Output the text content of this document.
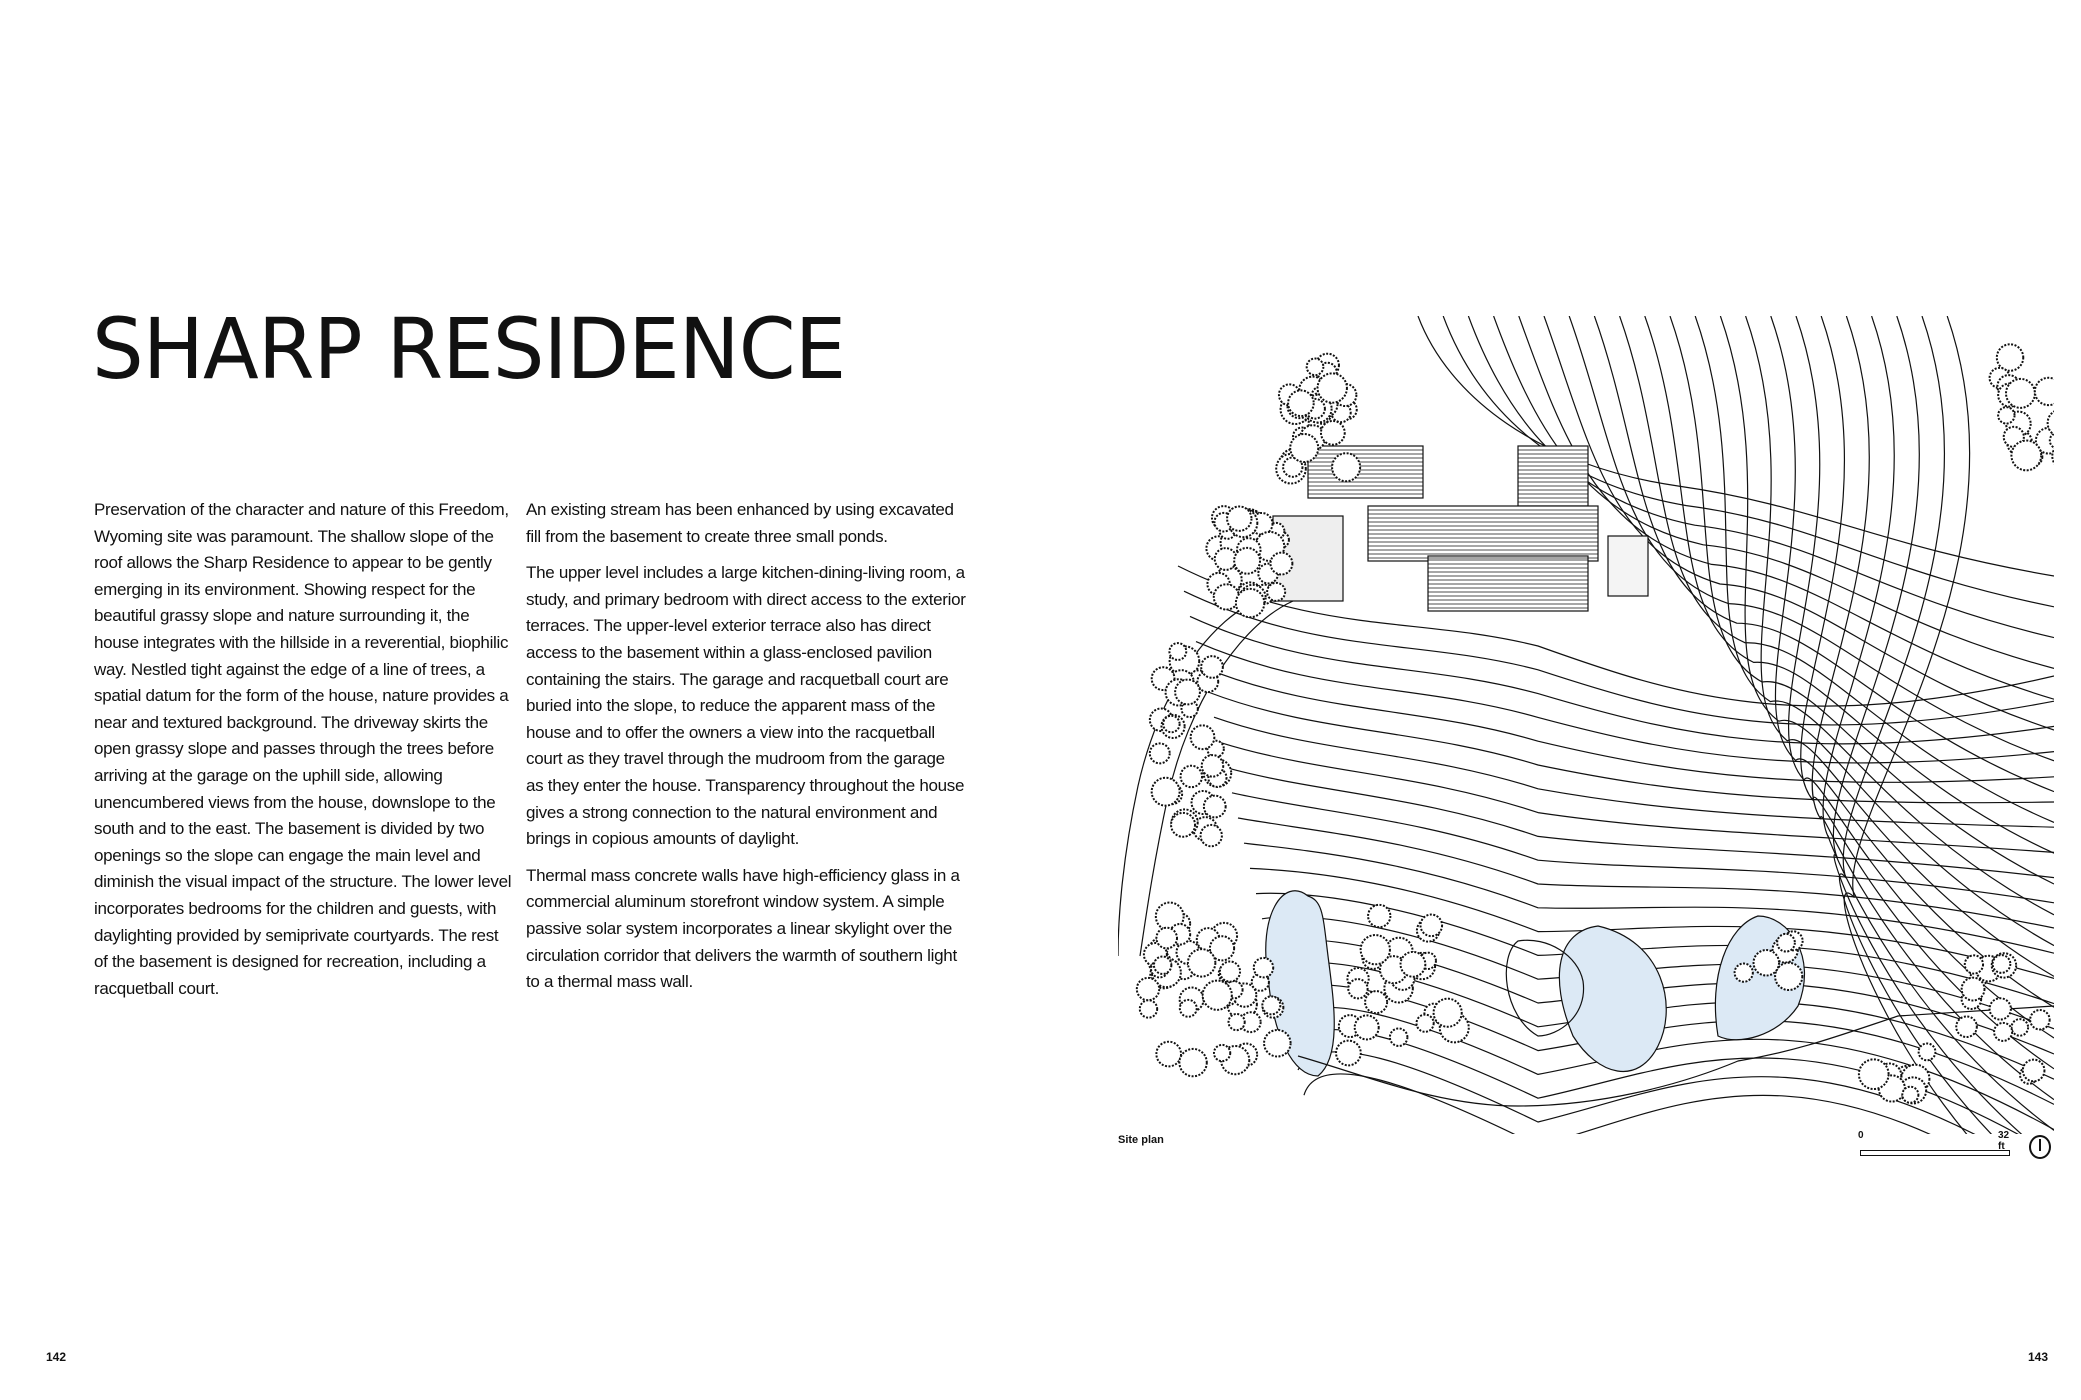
SHARP RESIDENCE

Preservation of the character and nature of this Freedom, Wyoming site was paramount. The shallow slope of the roof allows the Sharp Residence to appear to be gently emerging in its environment. Showing respect for the beautiful grassy slope and nature surrounding it, the house integrates with the hillside in a reverential, biophilic way. Nestled tight against the edge of a line of trees, a spatial datum for the form of the house, nature provides a near and textured background. The driveway skirts the open grassy slope and passes through the trees before arriving at the garage on the uphill side, allowing unencumbered views from the house, downslope to the south and to the east. The basement is divided by two openings so the slope can engage the main level and diminish the visual impact of the structure. The lower level incorporates bedrooms for the children and guests, with daylighting provided by semiprivate courtyards. The rest of the basement is designed for recreation, including a racquetball court.

An existing stream has been enhanced by using excavated fill from the basement to create three small ponds.

The upper level includes a large kitchen-dining-living room, a study, and primary bedroom with direct access to the exterior terraces. The upper-level exterior terrace also has direct access to the basement within a glass-enclosed pavilion containing the stairs. The garage and racquetball court are buried into the slope, to reduce the apparent mass of the house and to offer the owners a view into the racquetball court as they travel through the mudroom from the garage as they enter the house. Transparency throughout the house gives a strong connection to the natural environment and brings in copious amounts of daylight.

Thermal mass concrete walls have high-efficiency glass in a commercial aluminum storefront window system. A simple passive solar system incorporates a linear skylight over the circulation corridor that delivers the warmth of southern light to a thermal mass wall.

Site plan	0	32 ft
142	143
